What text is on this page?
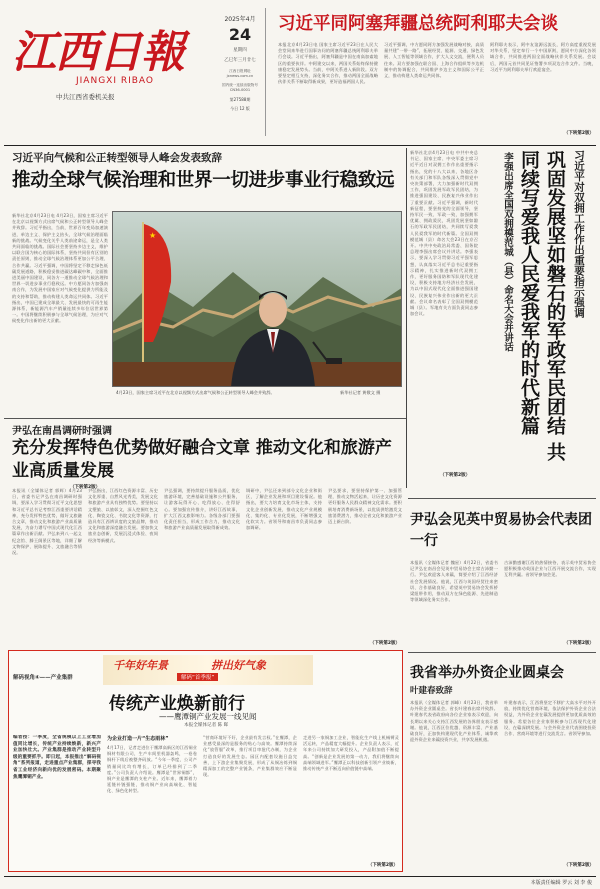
江西日報
JIANGXI RIBAO
中共江西省委机关报
2025年4月
24
星期四
乙巳年三月廿七
江西日报网址 jxnews.com.cn
国内统一连续出版物号 CN36-0001
第27588期
今日 12 版
习近平同阿塞拜疆总统阿利耶夫会谈
本报北京4月23日电 国家主席习近平23日在人民大会堂同来华进行国事访问的阿塞拜疆总统阿利耶夫举行会谈。习近平指出，阿塞拜疆是中国在南高加索地区的重要伙伴。中阿建交以来，两国关系始终保持健康稳定发展势头。当前，中阿关系进入新阶段。双方要坚定相互支持，深化务实合作，推动两国全面战略伙伴关系不断取得新成果，更好造福两国人民。
习近平强调，中方愿同阿方加强发展战略对接，高质量共建“一带一路”，拓展经贸、能源、交通、绿色发展、人工智能等领域合作，扩大人文交流，便利人员往来。双方要加强在联合国、上海合作组织等多边机制中的协调配合，共同维护多边主义和国际公平正义，推动构建人类命运共同体。
阿利耶夫表示，阿中友谊源远流长，阿方高度重视发展对华关系，坚定奉行一个中国原则，愿同中方深化各领域合作，共同推进两国全面战略伙伴关系发展。会谈后，两国元首共同见证签署多项双边合作文件。当晚，习近平为阿利耶夫举行欢迎宴会。
（下转第2版）
习近平向气候和公正转型领导人峰会发表致辞
推动全球气候治理和世界一切进步事业行稳致远
新华社北京4月23日电 4月23日，国家主席习近平在北京以视频方式出席气候和公正转型领导人峰会并致辞。习近平指出，当前，世界百年变局加速演进，单边主义、保护主义抬头，全球气候治理面临新的挑战。气候变化关乎人类前途命运，是全人类共同面临的挑战。国际社会要坚持多边主义，维护以联合国为核心的国际体系，坚持共同但有区别的责任原则，推动全球气候治理体系更加公平合理、合作共赢。习近平强调，中国将坚定不移走绿色低碳发展道路，积极稳妥推进碳达峰碳中和，全面推进美丽中国建设，同各方一道推动全球气候治理和世界一切进步事业行稳致远。中方愿同各方加强南南合作，为发展中国家应对气候变化提供力所能及的支持和帮助，推动构建人类命运共同体。习近平指出，中国已建成全球最大、发展最快的可再生能源体系，新能源汽车产销量连续多年位居世界第一。中国将继续积极参与全球气候治理，为应对气候变化作出新的更大贡献。
（下转第2版）
★
4月23日，国家主席习近平在北京以视频方式出席气候和公正转型领导人峰会并致辞。	新华社记者 黄敬文 摄
新华社北京4月23日电 中共中央总书记、国家主席、中央军委主席习近平近日对双拥工作作出重要指示指出，党的十八大以来，各地区各有关部门和军队各级深入贯彻党中央决策部署，大力加强新时代双拥工作，巩固发展军政军民团结，为推进强国建设、民族复兴伟业作出了重要贡献。习近平强调，新时代新征程，要坚持党的全面领导，坚持军民一致、军政一致，加强拥军优属、拥政爱民，巩固发展坚如磐石的军政军民团结，共同续写爱我人民爱我军的时代新篇。全国双拥模范城（县）命名大会23日在京召开。中共中央政治局常委、国务院总理李强出席会议并讲话。李强表示，要深入学习贯彻习近平强军思想，认真落实习近平总书记重要指示精神，扎实推进新时代双拥工作，更好服务国防和军队现代化建设，积极支持地方经济社会发展，为以中国式现代化全面推进强国建设、民族复兴伟业作出新的更大贡献。会议命名表彰了全国双拥模范城（县）。军地有关方面负责同志参加会议。
（下转第2版）
习近平对双拥工作作出重要指示强调
巩固发展坚如磐石的军政军民团结 共同续写爱我人民爱我军的时代新篇
李强出席全国双拥模范城（县）命名大会并讲话
尹弘在南昌调研时强调
充分发挥特色优势做好融合文章 推动文化和旅游产业高质量发展
本报讯（全媒体记者 郭辉）4月23日，省委书记尹弘在南昌调研时强调，要深入学习贯彻习近平文化思想和习近平总书记考察江西重要讲话精神，充分发挥特色优势，做好文旅融合文章，推动文化和旅游产业高质量发展，为奋力谱写中国式现代化江西篇章作出新贡献。尹弘来到八一起义纪念馆、滕王阁景区等地，详细了解文物保护、展陈提升、文旅融合等情况。
尹弘指出，江西红色资源丰富、历史文化厚重、自然风光秀美，发展文化和旅游产业具有独特优势。要坚持以文塑旅、以旅彰文，深入挖掘红色文化、陶瓷文化、书院文化等资源，打造具有江西辨识度的文旅品牌，推动文化和旅游深度融合发展。要加快文旅业态创新，发展沉浸式体验、夜间经济等新模式。
尹弘强调，要持续提升服务品质，优化旅游环境，完善基础设施和公共服务，让游客玩得开心、吃得放心、住得舒心。要加强宣传推介，讲好江西故事，扩大江西文旅影响力。各级各部门要强化责任担当，形成工作合力，推动文化和旅游产业高质量发展取得新成效。
调研中，尹弘还来到部分文化企业和街区，了解企业发展和项目建设情况。他指出，要大力培育文化市场主体，支持文化企业创新发展，推动文化产业规模化、集约化、专业化发展，不断增强文化软实力。省领导和南昌市负责同志参加调研。
尹弘要求，要坚持保护第一、加强管理，推动文物活起来，让历史文化资源更好服务人民群众精神文化需求。要积极培育消费新场景，以优质供给激发文旅消费潜力，推动全省文化和旅游产业迈上新台阶。
（下转第2版）
千年好年景	拼出好气象
解码“首季报”
解码视角④——产业集群
传统产业焕新前行
——鹰潭铜产业发展一线见闻
本报全媒体记者 陈 晖
编者按：一季度，全省规模以上工业增加值同比增长，传统产业持续焕新，新兴产业加快壮大。产业集群是推动产业转型升级的重要抓手。即日起，本报推出“解码视角”系列报道，走进重点产业集群，探寻我省工业经济向新向优的发展密码。本期聚焦鹰潭铜产业。
为企业打造一片“生态雨林”
4月17日，记者走进位于鹰潭高新区的江西铜业铜材有限公司，生产车间里机器轰鸣，一卷卷铜杆下线后被整齐码放。“今年一季度，公司产销量同比均有增长，订单已经排到了二季度。”公司负责人介绍说。鹰潭是“世界铜都”，铜产业是鹰潭的支柱产业。近年来，鹰潭着力延链补链强链，推动铜产业向高端化、智能化、绿色化转型。
“营商环境好不好，企业最有发言权。”在鹰潭，企业感受最深的是服务的贴心与高效。鹰潭持续深化“放管服”改革，推行项目审批代办制，为企业打造良好的发展生态。园区内配套设施日益完善，上下游企业集聚发展，形成了从铜冶炼到铜精深加工的完整产业链条，产业集群效应不断显现。
走进另一家铜加工企业，智能化生产线上机械臂灵活运转，产品精度大幅提升。企业负责人表示，近年来公司持续加大研发投入，产品附加值不断提高。“创新是企业发展的第一动力，我们将继续向高端领域进军。”鹰潭正以科技创新引领产业焕新，推动传统产业不断迈向价值链中高端。
（下转第2版）
尹弘会见英中贸易协会代表团一行
本报讯（全媒体记者 魏星）4月22日，省委书记尹弘在南昌会见英中贸易协会主席古沛勤一行。尹弘欢迎客人来赣，简要介绍了江西经济社会发展情况。他说，江西与英国经贸往来密切、合作基础良好，希望英中贸易协会发挥桥梁纽带作用，推动双方在绿色能源、先进制造等领域深化务实合作。
古沛勤感谢江西的热情接待，表示英中贸易协会愿积极推动英国企业与江西开展交流合作，实现互利共赢。省领导参加会见。
（下转第2版）
我省举办外资企业圆桌会
叶建春致辞
本报讯（全媒体记者 郭峰）4月23日，我省举办外资企业圆桌会。省长叶建春出席并致辞。叶建春代表省政府向各位企业家表示欢迎，向长期以来关心支持江西发展的各界朋友表示感谢。他说，江西区位优越、资源丰富、产业基础良好，正加快构建现代化产业体系，诚挚欢迎外资企业来赣投资兴业，共享发展机遇。
叶建春表示，江西将坚定不移扩大高水平对外开放，持续优化营商环境，依法保护外资企业合法权益，为外资企业在赣发展提供更加优质高效的服务。希望各位企业家积极参与江西现代化建设，在赣深耕发展。与会外资企业代表围绕投资合作、营商环境等进行交流发言。省领导参加。
（下转第2版）
本版责任编辑 罗云 刘 李 俊
